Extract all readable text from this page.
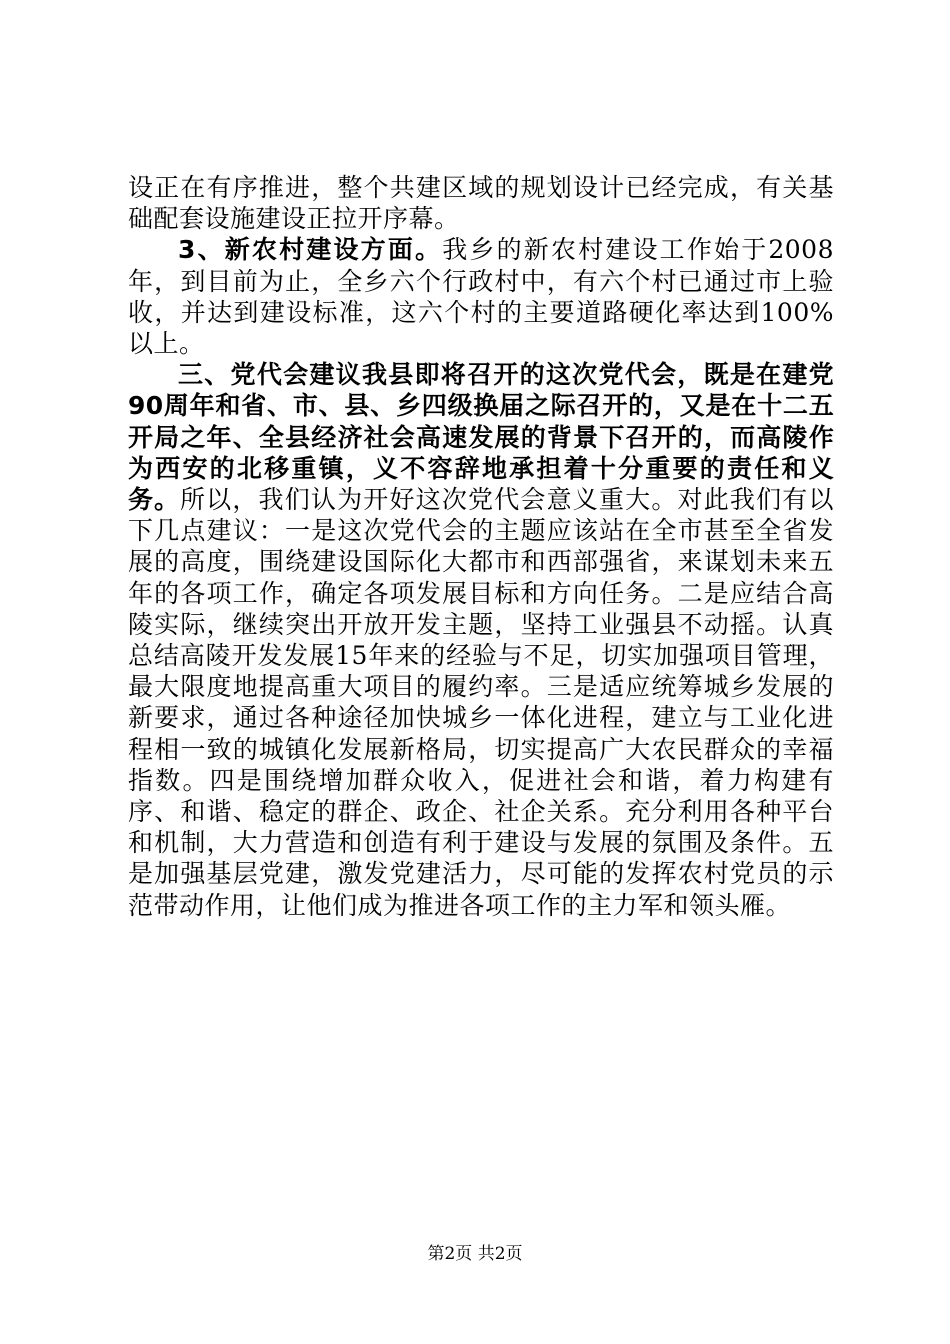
设正在有序推进，整个共建区域的规划设计已经完成，有关基础配套设施建设正拉开序幕。

3、新农村建设方面。我乡的新农村建设工作始于2008年，到目前为止，全乡六个行政村中，有六个村已通过市上验收，并达到建设标准，这六个村的主要道路硬化率达到100%以上。

三、党代会建议我县即将召开的这次党代会，既是在建党90周年和省、市、县、乡四级换届之际召开的，又是在十二五开局之年、全县经济社会高速发展的背景下召开的，而高陵作为西安的北移重镇，义不容辞地承担着十分重要的责任和义务。所以，我们认为开好这次党代会意义重大。对此我们有以下几点建议：一是这次党代会的主题应该站在全市甚至全省发展的高度，围绕建设国际化大都市和西部强省，来谋划未来五年的各项工作，确定各项发展目标和方向任务。二是应结合高陵实际，继续突出开放开发主题，坚持工业强县不动摇。认真总结高陵开发发展15年来的经验与不足，切实加强项目管理，最大限度地提高重大项目的履约率。三是适应统筹城乡发展的新要求，通过各种途径加快城乡一体化进程，建立与工业化进程相一致的城镇化发展新格局，切实提高广大农民群众的幸福指数。四是围绕增加群众收入，促进社会和谐，着力构建有序、和谐、稳定的群企、政企、社企关系。充分利用各种平台和机制，大力营造和创造有利于建设与发展的氛围及条件。五是加强基层党建，激发党建活力，尽可能的发挥农村党员的示范带动作用，让他们成为推进各项工作的主力军和领头雁。

第2页 共2页
